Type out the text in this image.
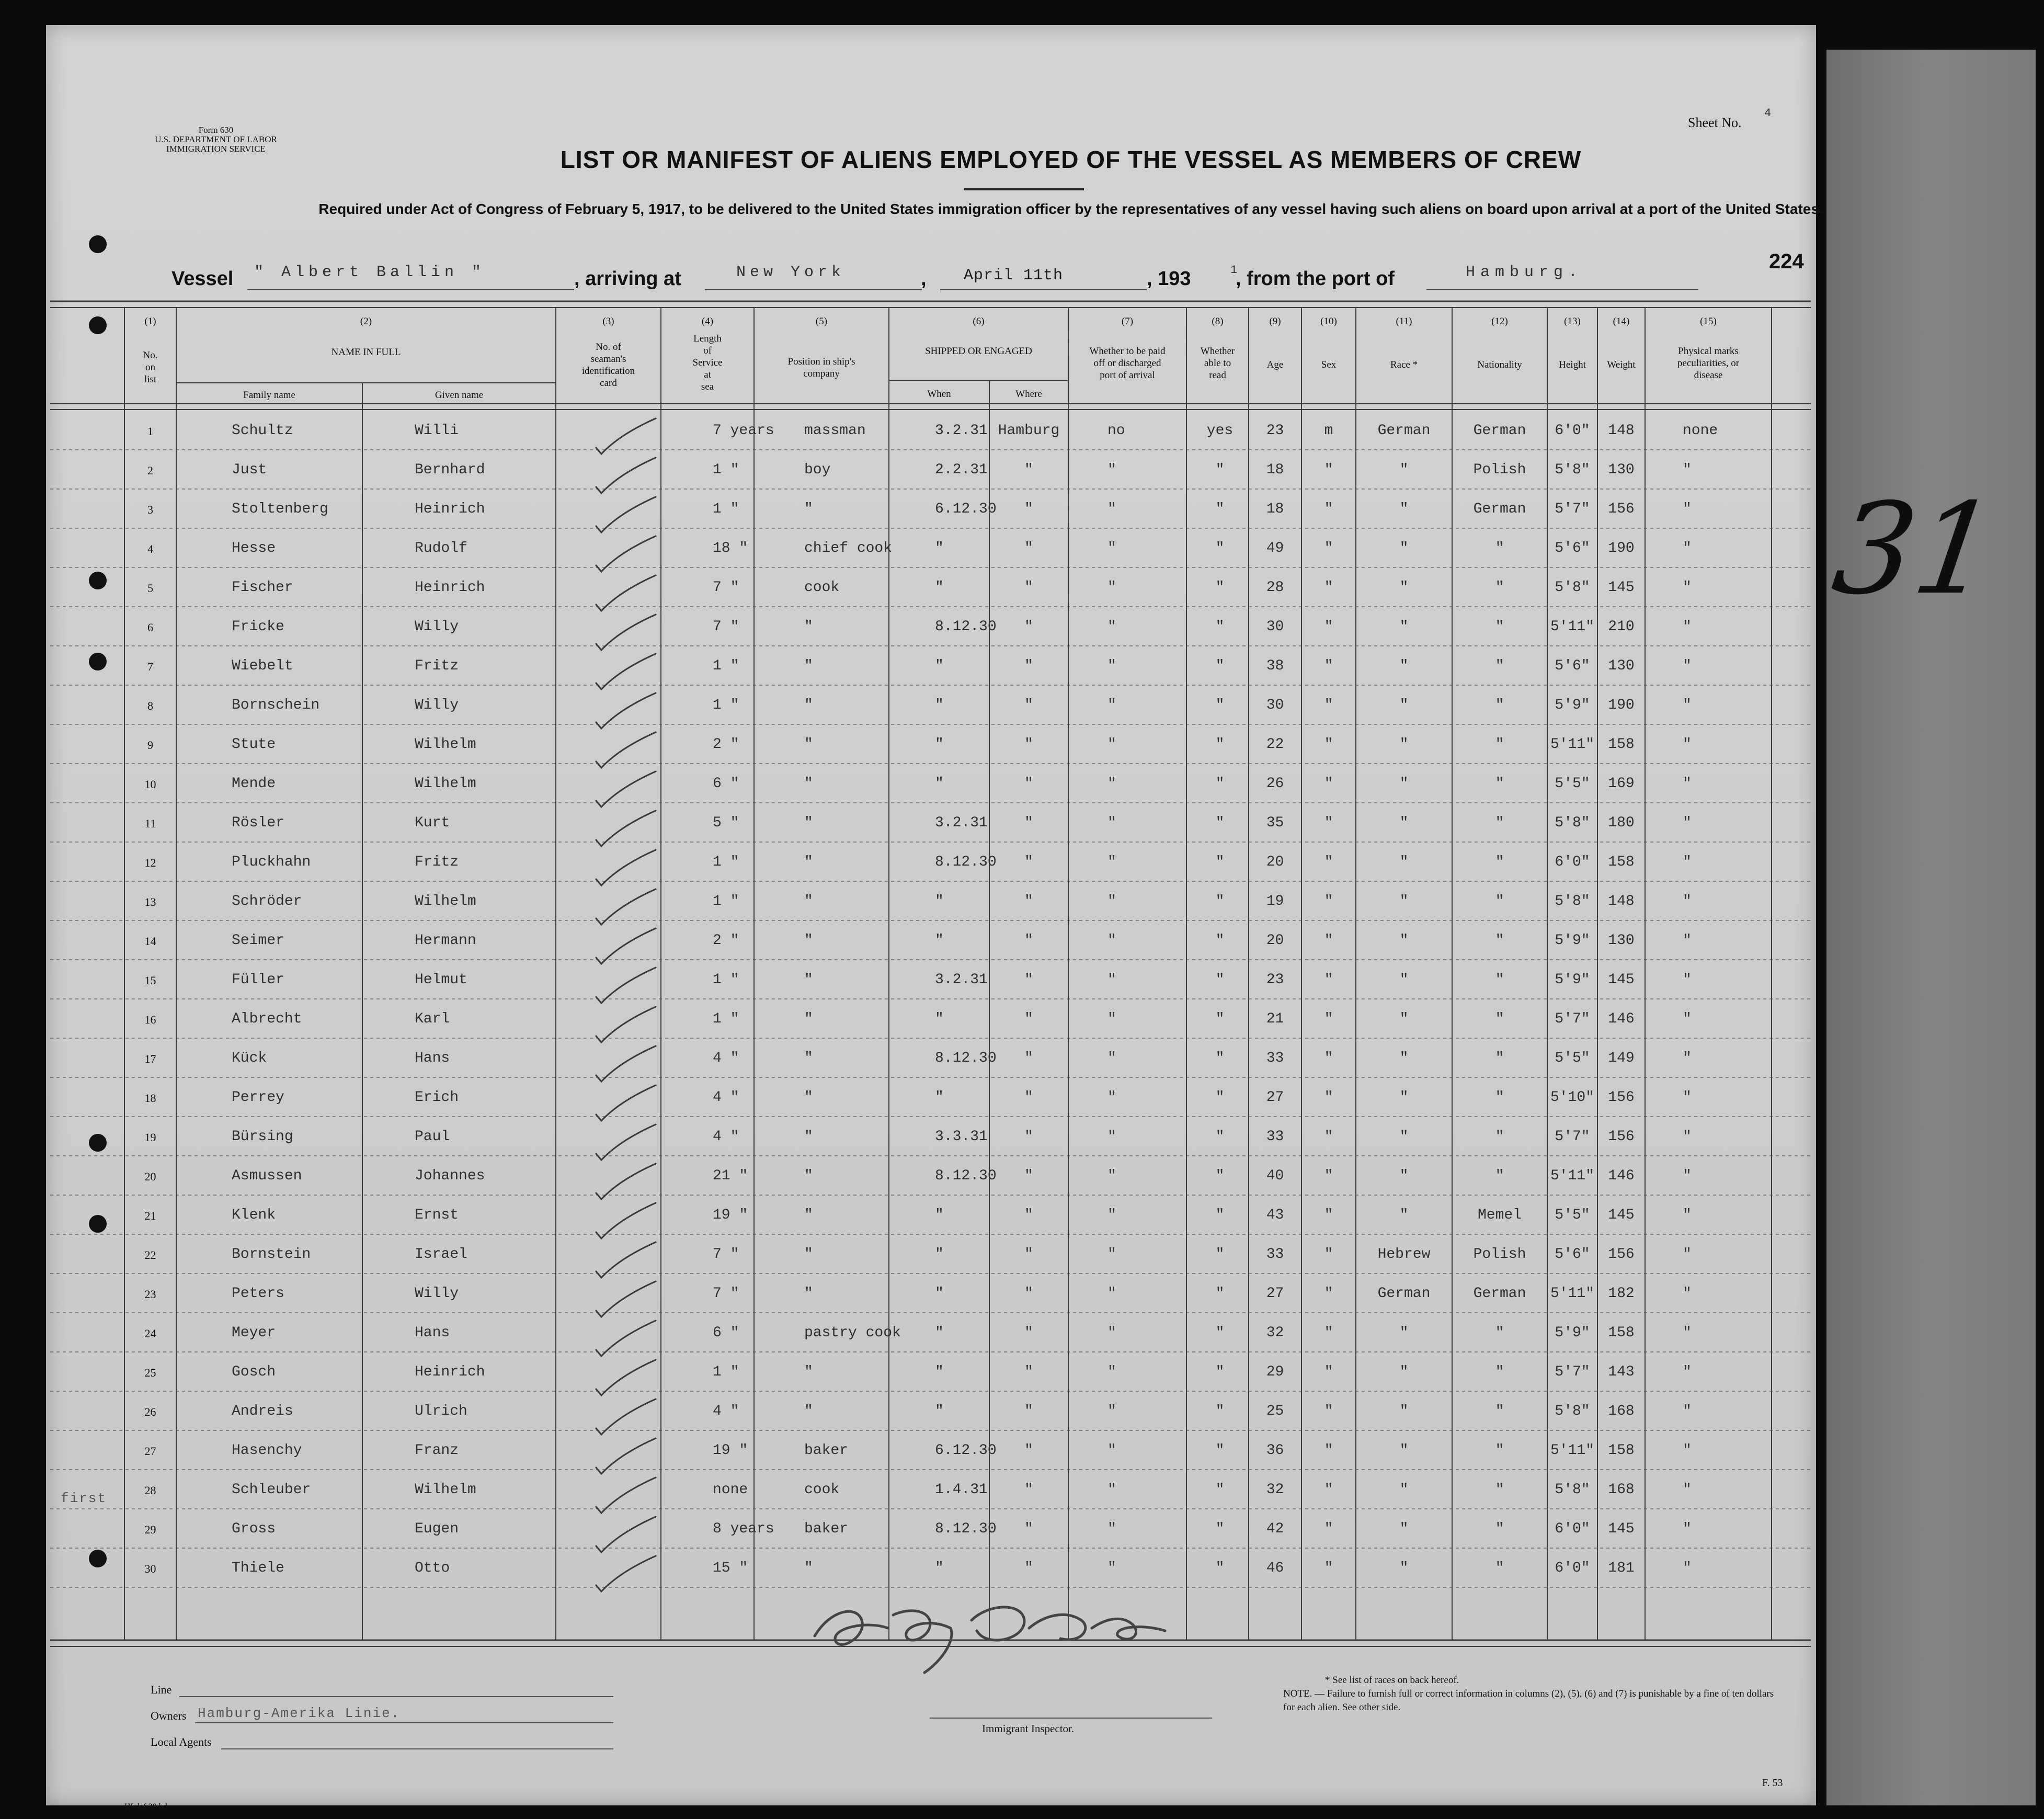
Form 630
U.S. DEPARTMENT OF LABOR
IMMIGRATION SERVICE
Sheet No.
4
LIST OR MANIFEST OF ALIENS EMPLOYED OF THE VESSEL AS MEMBERS OF CREW
Required under Act of Congress of February 5, 1917, to be delivered to the United States immigration officer by the representatives of any vessel having such aliens on board upon arrival at a port of the United States.
Vessel " Albert Ballin "	, arriving at	New York	, April 11th	, 193	1
, from the port of	Hamburg.	224
(1)
No.
on
list
(2)
NAME IN FULL
Family name	Given name
(3)
No. of
seaman's
identification
card
(4)
Length
of
Service
at
sea
(5)
Position in ship's
company
(6)
SHIPPED OR ENGAGED
When	Where
(7)
Whether to be paid
off or discharged
port of arrival
(8)
Whether
able to
read
(9)
Age
(10)
Sex
(11)
Race *
(12)
Nationality
(13)
Height
(14)
Weight
(15)
Physical marks
peculiarities, or
disease
1	Schultz	Willi	7 years	massman	3.2.31 Hamburg	no	yes	23	m	German	German	6'0"	148	none
2	Just	Bernhard	1 "	boy	2.2.31	"	"	"	18	"	"	Polish	5'8"	130	"
3	Stoltenberg	Heinrich	1 "	"	6.12.30	"	"	"	18	"	"	German	5'7"	156	"
4	Hesse	Rudolf	18 "	chief cook	"	"	"	"	49	"	"	"	5'6"	190	"
5	Fischer	Heinrich	7 "	cook	"	"	"	"	28	"	"	"	5'8"	145	"
6	Fricke	Willy	7 "	"	8.12.30	"	"	"	30	"	"	"	5'11" 210	"
7	Wiebelt	Fritz	1 "	"	"	"	"	"	38	"	"	"	5'6"	130	"
8	Bornschein	Willy	1 "	"	"	"	"	"	30	"	"	"	5'9"	190	"
9	Stute	Wilhelm	2 "	"	"	"	"	"	22	"	"	"	5'11" 158	"
10	Mende	Wilhelm	6 "	"	"	"	"	"	26	"	"	"	5'5"	169	"
11	Rösler	Kurt	5 "	"	3.2.31	"	"	"	35	"	"	"	5'8"	180	"
12	Pluckhahn	Fritz	1 "	"	8.12.30	"	"	"	20	"	"	"	6'0"	158	"
13	Schröder	Wilhelm	1 "	"	"	"	"	"	19	"	"	"	5'8"	148	"
14	Seimer	Hermann	2 "	"	"	"	"	"	20	"	"	"	5'9"	130	"
15	Füller	Helmut	1 "	"	3.2.31	"	"	"	23	"	"	"	5'9"	145	"
16	Albrecht	Karl	1 "	"	"	"	"	"	21	"	"	"	5'7"	146	"
17	Kück	Hans	4 "	"	8.12.30	"	"	"	33	"	"	"	5'5"	149	"
18	Perrey	Erich	4 "	"	"	"	"	"	27	"	"	"	5'10" 156	"
19	Bürsing	Paul	4 "	"	3.3.31	"	"	"	33	"	"	"	5'7"	156	"
20	Asmussen	Johannes	21 "	"	8.12.30	"	"	"	40	"	"	"	5'11" 146	"
21	Klenk	Ernst	19 "	"	"	"	"	"	43	"	"	Memel	5'5"	145	"
22	Bornstein	Israel	7 "	"	"	"	"	"	33	"	Hebrew	Polish	5'6"	156	"
23	Peters	Willy	7 "	"	"	"	"	"	27	"	German	German	5'11" 182	"
24	Meyer	Hans	6 "	pastry cook	"	"	"	"	32	"	"	"	5'9"	158	"
25	Gosch	Heinrich	1 "	"	"	"	"	"	29	"	"	"	5'7"	143	"
26	Andreis	Ulrich	4 "	"	"	"	"	"	25	"	"	"	5'8"	168	"
27	Hasenchy	Franz	19 "	baker	6.12.30	"	"	"	36	"	"	"	5'11" 158	"
28	Schleuber	Wilhelm	none	cook	1.4.31	"	"	"	32	"	"	"	5'8"	168	"
29	Gross	Eugen	8 years	baker	8.12.30	"	"	"	42	"	"	"	6'0"	145	"
30	Thiele	Otto	15 "	"	"	"	"	"	46	"	"	"	6'0"	181	"
first
Line
Owners Hamburg-Amerika Linie.
Local Agents
Immigrant Inspector.
* See list of races on back hereof.
NOTE. — Failure to furnish full or correct information in columns (2), (5), (6) and (7) is punishable by a fine of ten dollars for each alien. See other side.
F. 53
HL laf 30 hd
31
